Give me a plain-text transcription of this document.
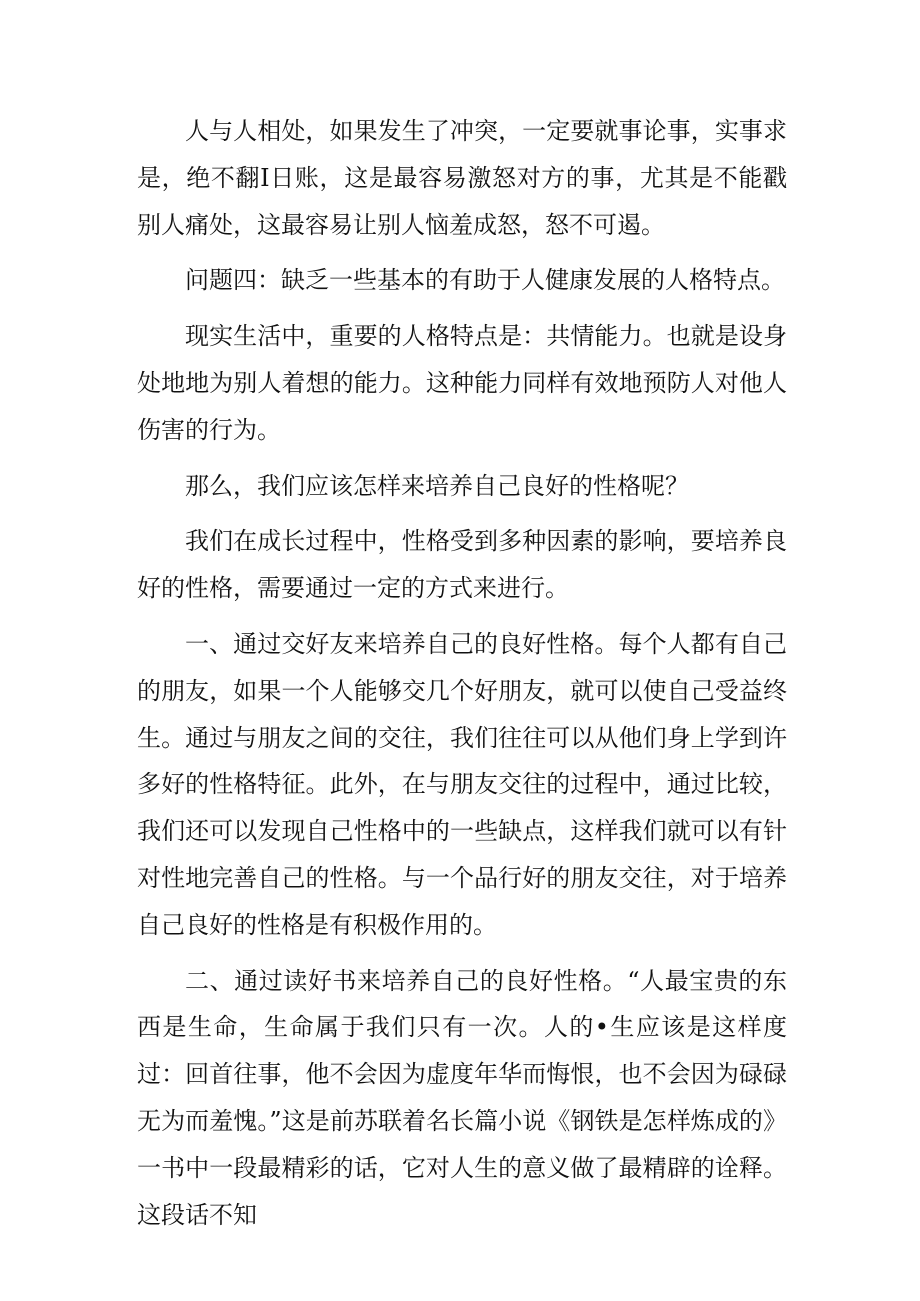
人与人相处，如果发生了冲突，一定要就事论事，实事求是，绝不翻I日账，这是最容易激怒对方的事，尤其是不能戳别人痛处，这最容易让别人恼羞成怒，怒不可遏。

问题四：缺乏一些基本的有助于人健康发展的人格特点。

现实生活中，重要的人格特点是：共情能力。也就是设身处地地为别人着想的能力。这种能力同样有效地预防人对他人伤害的行为。

那么，我们应该怎样来培养自己良好的性格呢？

我们在成长过程中，性格受到多种因素的影响，要培养良好的性格，需要通过一定的方式来进行。

一、通过交好友来培养自己的良好性格。每个人都有自己的朋友，如果一个人能够交几个好朋友，就可以使自己受益终生。通过与朋友之间的交往，我们往往可以从他们身上学到许多好的性格特征。此外，在与朋友交往的过程中，通过比较，我们还可以发现自己性格中的一些缺点，这样我们就可以有针对性地完善自己的性格。与一个品行好的朋友交往，对于培养自己良好的性格是有积极作用的。

二、通过读好书来培养自己的良好性格。“人最宝贵的东西是生命，生命属于我们只有一次。人的•生应该是这样度过：回首往事，他不会因为虚度年华而悔恨，也不会因为碌碌无为而羞愧。”这是前苏联着名长篇小说《钢铁是怎样炼成的》一书中一段最精彩的话，它对人生的意义做了最精辟的诠释。这段话不知
